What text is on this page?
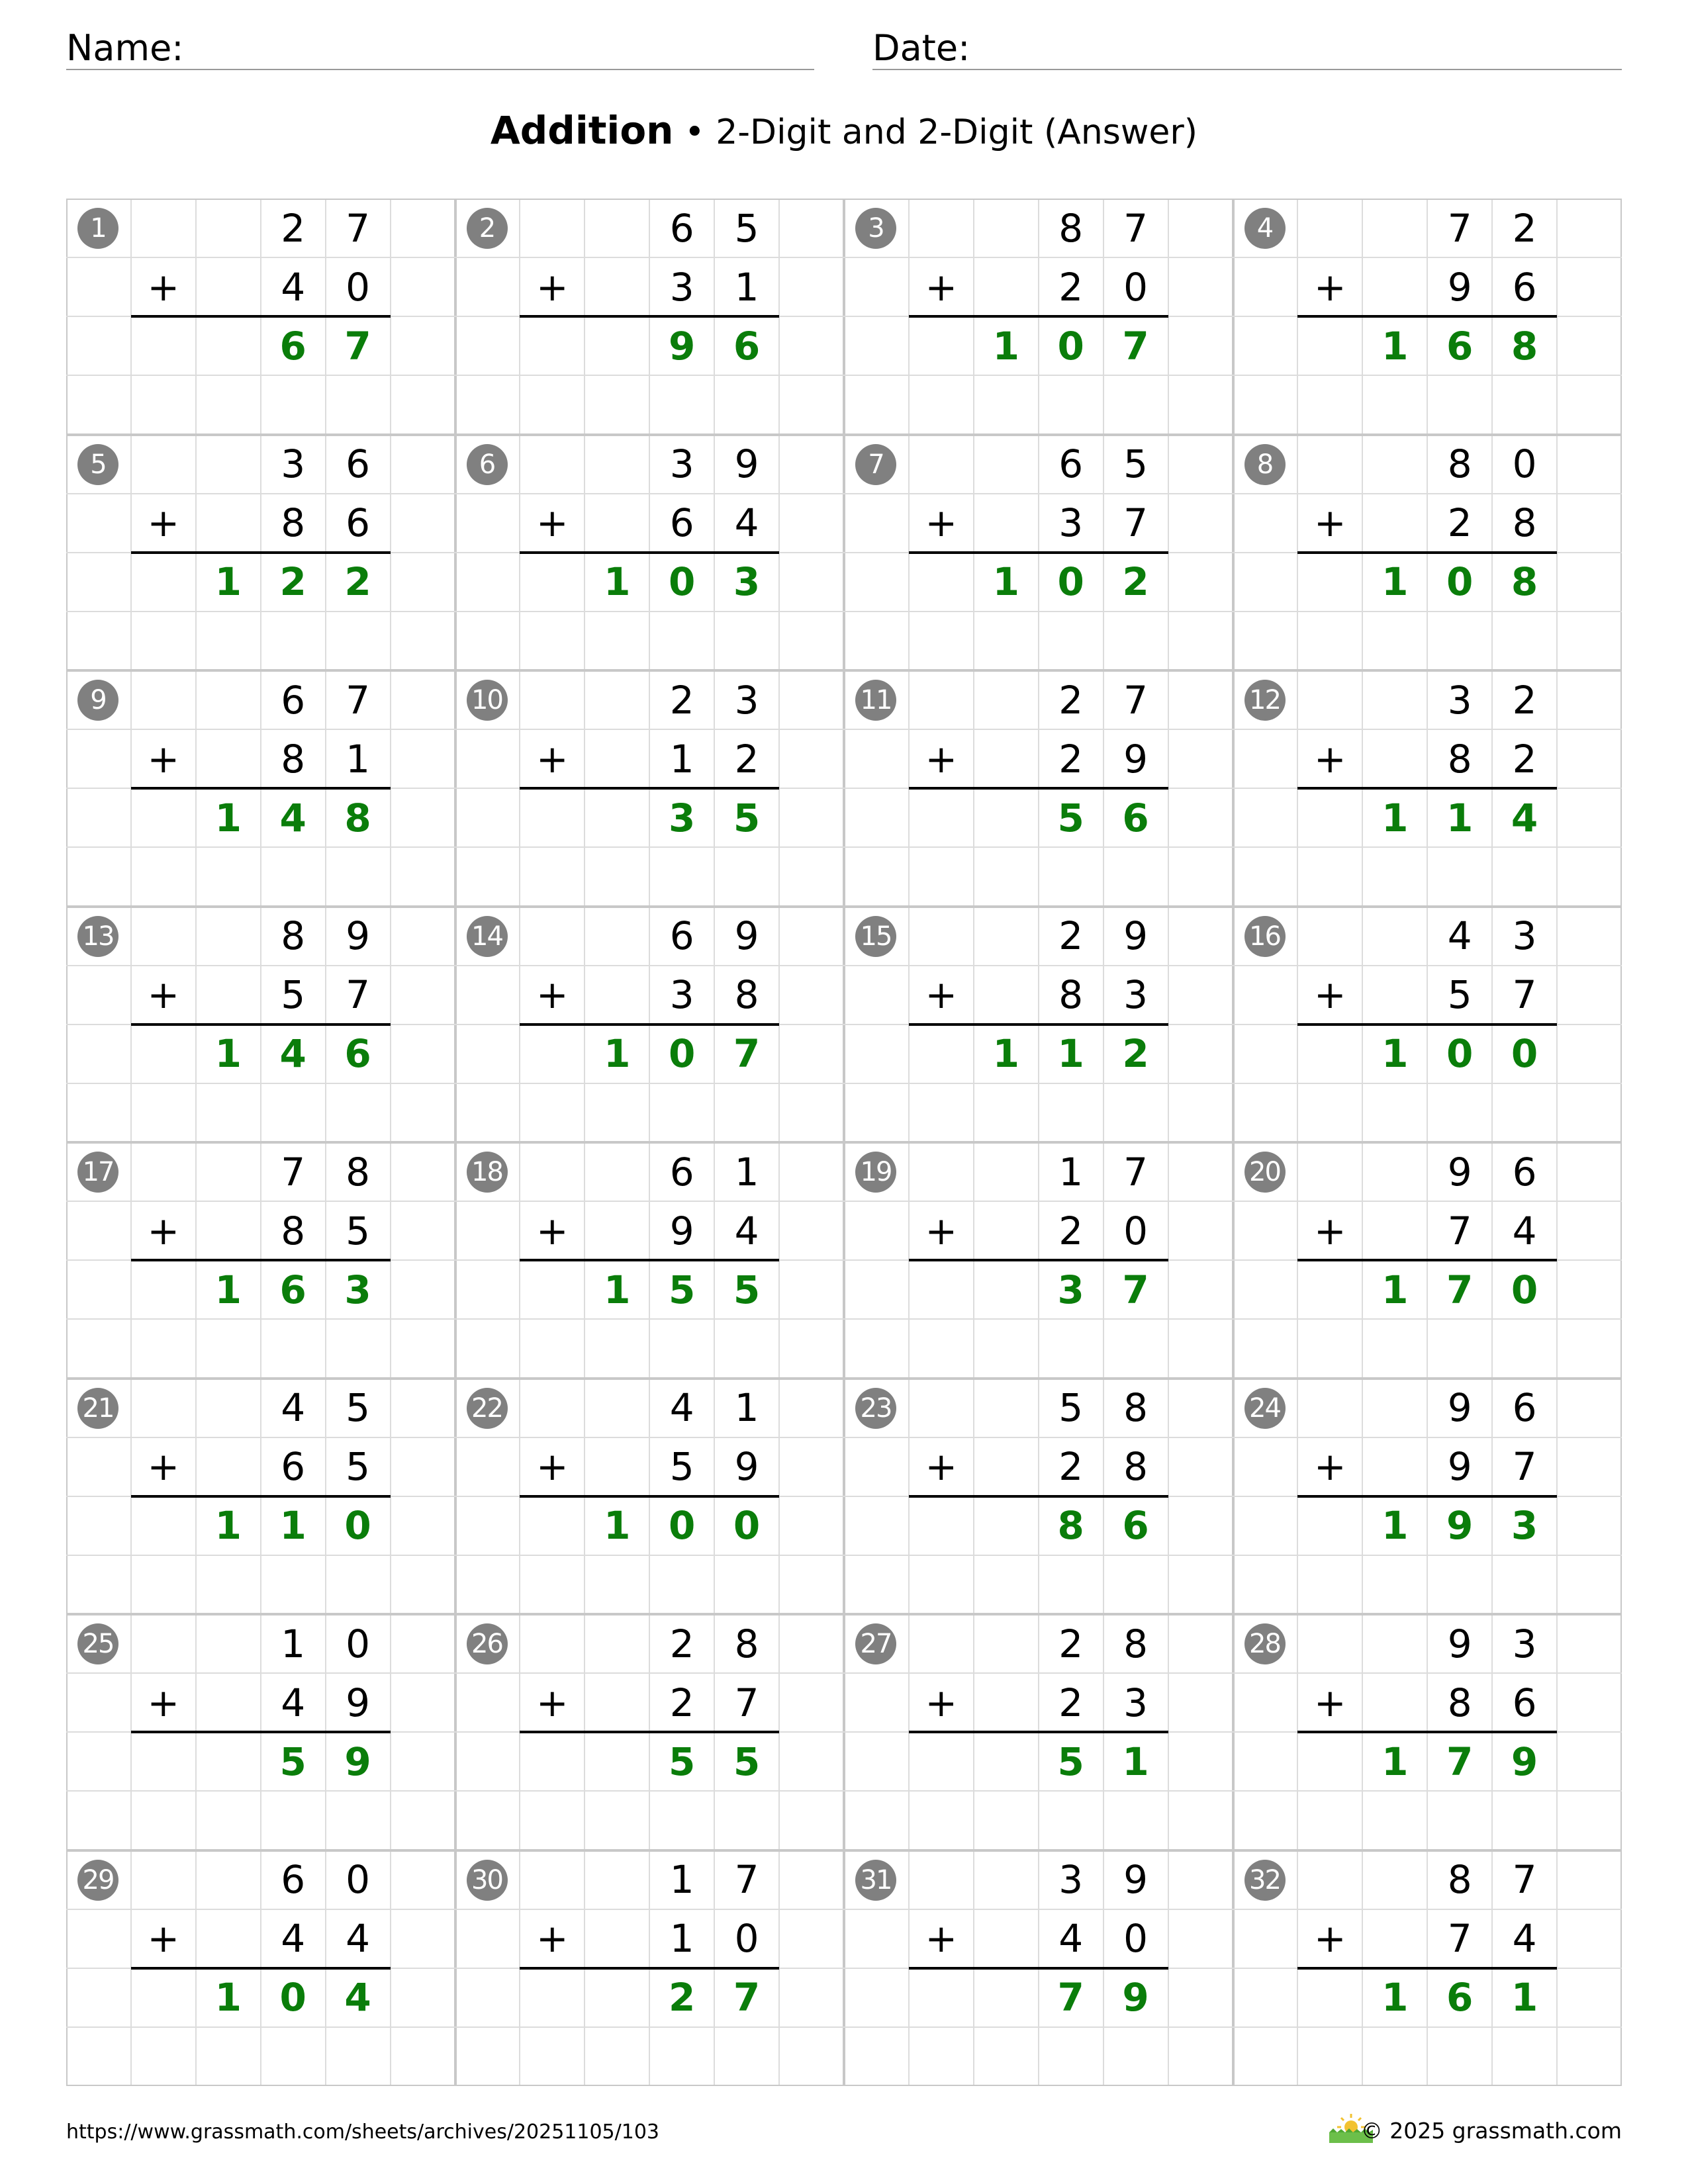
Name:	Date:
Addition • 2-Digit and 2-Digit (Answer)
1	2	7
+	4	0
6 7
2	6	5
+	3	1
9 6
3	8	7
+	2	0
1 0 7
4	7	2
+	9	6
1 6 8
5	3	6
+	8	6
1 2 2
6	3	9
+	6	4
1 0 3
7	6	5
+	3	7
1 0 2
8	8	0
+	2	8
1 0 8
9	6	7
+	8	1
1 4 8
10	2	3
+	1	2
3 5
11	2	7
+	2	9
5 6
12	3	2
+	8	2
1 1 4
13	8	9
+	5	7
1 4 6
14	6	9
+	3	8
1 0 7
15	2	9
+	8	3
1 1 2
16	4	3
+	5	7
1 0 0
17	7	8
+	8	5
1 6 3
18	6	1
+	9	4
1 5 5
19	1	7
+	2	0
3 7
20	9	6
+	7	4
1 7 0
21	4	5
+	6	5
1 1 0
22	4	1
+	5	9
1 0 0
23	5	8
+	2	8
8 6
24	9	6
+	9	7
1 9 3
25	1	0
+	4	9
5 9
26	2	8
+	2	7
5 5
27	2	8
+	2	3
5 1
28	9	3
+	8	6
1 7 9
29	6	0
+	4	4
1 0 4
30	1	7
+	1	0
2 7
31	3	9
+	4	0
7 9
32	8	7
+	7	4
1 6 1
https://www.grassmath.com/sheets/archives/20251105/103	© 2025 grassmath.com
